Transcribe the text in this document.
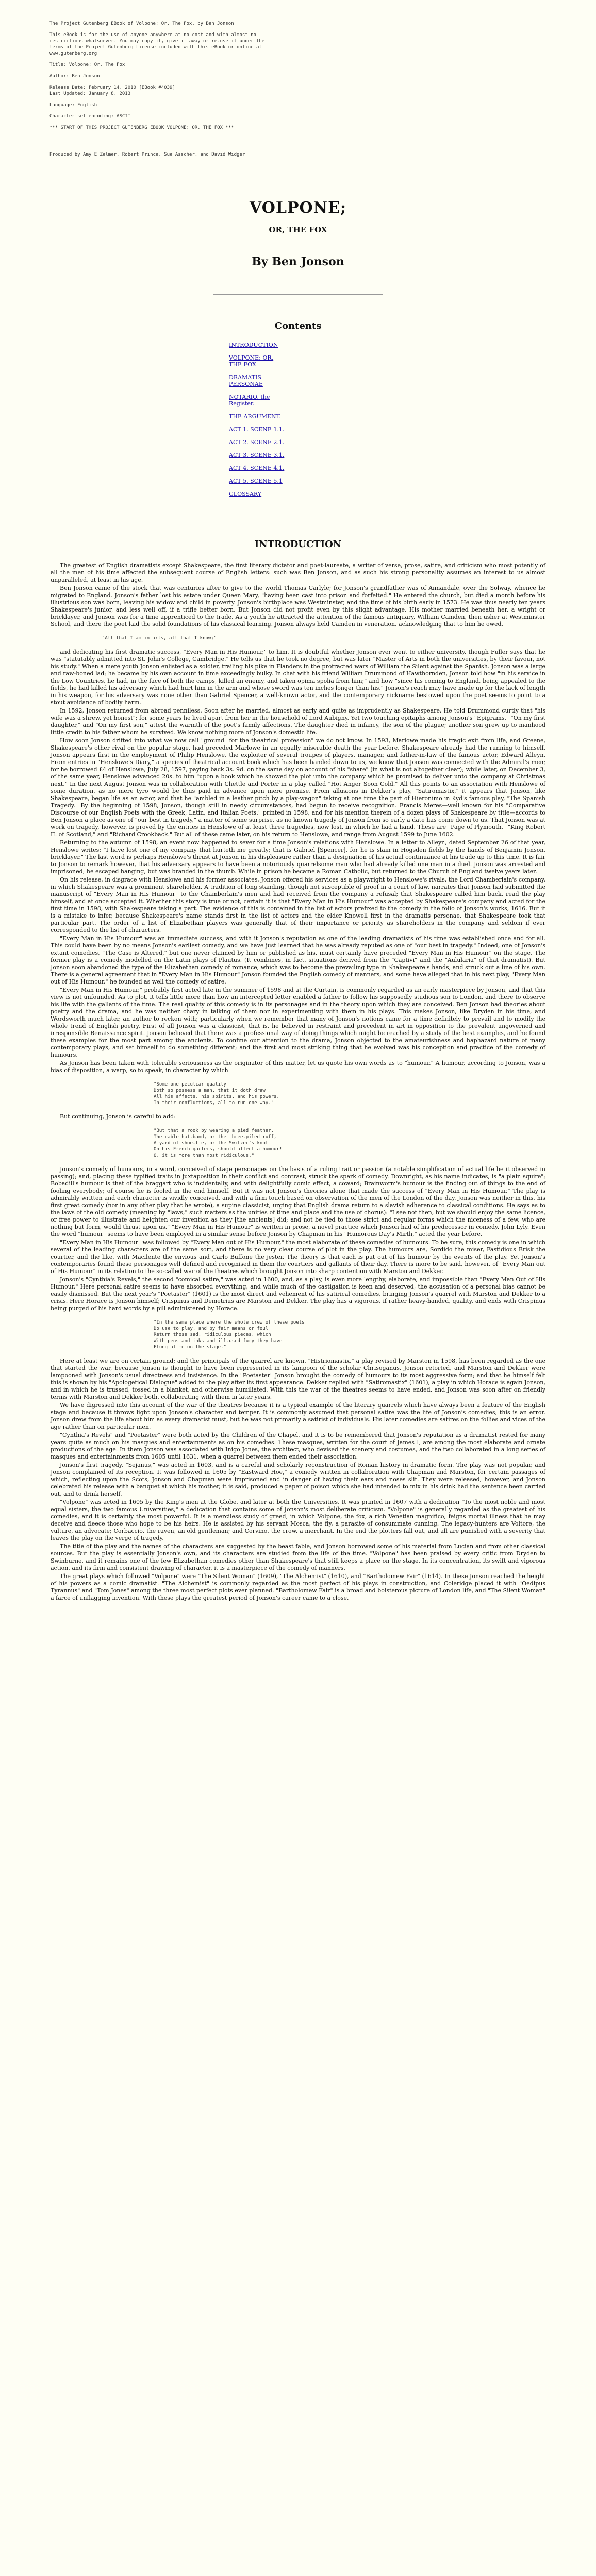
The Project Gutenberg EBook of Volpone; Or, The Fox, by Ben Jonson

This eBook is for the use of anyone anywhere at no cost and with almost no restrictions whatsoever. You may copy it, give it away or re-use it under the terms of the Project Gutenberg License included with this eBook or online at www.gutenberg.org

Title: Volpone; Or, The Fox

Author: Ben Jonson

Release Date: February 14, 2010 [EBook #4039]

Last Updated: January 8, 2013

Language: English

Character set encoding: ASCII

*** START OF THIS PROJECT GUTENBERG EBOOK VOLPONE; OR, THE FOX ***

Produced by Amy E Zelmer, Robert Prince, Sue Asscher, and David Widger

VOLPONE;
OR, THE FOX
By Ben Jonson
Contents
INTRODUCTION
VOLPONE; OR, THE FOX
DRAMATIS PERSONAE
NOTARIO, the Register.
THE ARGUMENT.
ACT 1. SCENE 1.1.
ACT 2. SCENE 2.1.
ACT 3. SCENE 3.1.
ACT 4. SCENE 4.1.
ACT 5. SCENE 5.1
GLOSSARY
INTRODUCTION

The greatest of English dramatists except Shakespeare, the first literary dictator and poet-laureate, a writer of verse, prose, satire, and criticism who most potently of all the men of his time affected the subsequent course of English letters: such was Ben Jonson, and as such his strong personality assumes an interest to us almost unparalleled, at least in his age.

Ben Jonson came of the stock that was centuries after to give to the world Thomas Carlyle; for Jonson's grandfather was of Annandale, over the Solway, whence he migrated to England. Jonson's father lost his estate under Queen Mary, "having been cast into prison and forfeited." He entered the church, but died a month before his illustrious son was born, leaving his widow and child in poverty. Jonson's birthplace was Westminster, and the time of his birth early in 1573. He was thus nearly ten years Shakespeare's junior, and less well off, if a trifle better born. But Jonson did not profit even by this slight advantage. His mother married beneath her, a wright or bricklayer, and Jonson was for a time apprenticed to the trade. As a youth he attracted the attention of the famous antiquary, William Camden, then usher at Westminster School, and there the poet laid the solid foundations of his classical learning. Jonson always held Camden in veneration, acknowledging that to him he owed,

"All that I am in arts, all that I know;"

and dedicating his first dramatic success, "Every Man in His Humour," to him. It is doubtful whether Jonson ever went to either university, though Fuller says that he was "statutably admitted into St. John's College, Cambridge." He tells us that he took no degree, but was later "Master of Arts in both the universities, by their favour, not his study." When a mere youth Jonson enlisted as a soldier, trailing his pike in Flanders in the protracted wars of William the Silent against the Spanish. Jonson was a large and raw-boned lad; he became by his own account in time exceedingly bulky. In chat with his friend William Drummond of Hawthornden, Jonson told how "in his service in the Low Countries, he had, in the face of both the camps, killed an enemy, and taken opima spolia from him;" and how "since his coming to England, being appealed to the fields, he had killed his adversary which had hurt him in the arm and whose sword was ten inches longer than his." Jonson's reach may have made up for the lack of length in his weapon, for his adversary was none other than Gabriel Spencer, a well-known actor, and the contemporary nickname bestowed upon the poet seems to point to a stout avoidance of bodily harm.

In 1592, Jonson returned from abroad penniless. Soon after he married, almost as early and quite as imprudently as Shakespeare. He told Drummond curtly that "his wife was a shrew, yet honest"; for some years he lived apart from her in the household of Lord Aubigny. Yet two touching epitaphs among Jonson's "Epigrams," "On my first daughter," and "On my first son," attest the warmth of the poet's family affections. The daughter died in infancy, the son of the plague; another son grew up to manhood little credit to his father whom he survived. We know nothing more of Jonson's domestic life.

How soon Jonson drifted into what we now call "ground" for the theatrical profession" we do not know. In 1593, Marlowe made his tragic exit from life, and Greene, Shakespeare's other rival on the popular stage, had preceded Marlowe in an equally miserable death the year before. Shakespeare already had the running to himself. Jonson appears first in the employment of Philip Henslowe, the exploiter of several troupes of players, manager, and father-in-law of the famous actor, Edward Alleyn. From entries in "Henslowe's Diary," a species of theatrical account book which has been handed down to us, we know that Jonson was connected with the Admiral's men; for he borrowed £4 of Henslowe, July 28, 1597, paying back 3s. 9d. on the same day on account of his "share" (in what is not altogether clear); while later, on December 3, of the same year, Henslowe advanced 20s. to him "upon a book which he showed the plot unto the company which he promised to deliver unto the company at Christmas next." In the next August Jonson was in collaboration with Chettle and Porter in a play called "Hot Anger Soon Cold." All this points to an association with Henslowe of some duration, as no mere tyro would be thus paid in advance upon mere promise. From allusions in Dekker's play, "Satiromastix," it appears that Jonson, like Shakespeare, began life as an actor, and that he "ambled in a leather pitch by a play-wagon" taking at one time the part of Hieronimo in Kyd's famous play, "The Spanish Tragedy." By the beginning of 1598, Jonson, though still in needy circumstances, had begun to receive recognition. Francis Meres—well known for his "Comparative Discourse of our English Poets with the Greek, Latin, and Italian Poets," printed in 1598, and for his mention therein of a dozen plays of Shakespeare by title—accords to Ben Jonson a place as one of "our best in tragedy," a matter of some surprise, as no known tragedy of Jonson from so early a date has come down to us. That Jonson was at work on tragedy, however, is proved by the entries in Henslowe of at least three tragedies, now lost, in which he had a hand. These are "Page of Plymouth," "King Robert II. of Scotland," and "Richard Crookback." But all of these came later, on his return to Henslowe, and range from August 1599 to June 1602.

Returning to the autumn of 1598, an event now happened to sever for a time Jonson's relations with Henslowe. In a letter to Alleyn, dated September 26 of that year, Henslowe writes: "I have lost one of my company that hurteth me greatly; that is Gabriel [Spencer], for he is slain in Hogsden fields by the hands of Benjamin Jonson, bricklayer." The last word is perhaps Henslowe's thrust at Jonson in his displeasure rather than a designation of his actual continuance at his trade up to this time. It is fair to Jonson to remark however, that his adversary appears to have been a notoriously quarrelsome man who had already killed one man in a duel. Jonson was arrested and imprisoned; he escaped hanging, but was branded in the thumb. While in prison he became a Roman Catholic, but returned to the Church of England twelve years later.

On his release, in disgrace with Henslowe and his former associates, Jonson offered his services as a playwright to Henslowe's rivals, the Lord Chamberlain's company, in which Shakespeare was a prominent shareholder. A tradition of long standing, though not susceptible of proof in a court of law, narrates that Jonson had submitted the manuscript of "Every Man in His Humour" to the Chamberlain's men and had received from the company a refusal; that Shakespeare called him back, read the play himself, and at once accepted it. Whether this story is true or not, certain it is that "Every Man in His Humour" was accepted by Shakespeare's company and acted for the first time in 1598, with Shakespeare taking a part. The evidence of this is contained in the list of actors prefixed to the comedy in the folio of Jonson's works, 1616. But it is a mistake to infer, because Shakespeare's name stands first in the list of actors and the elder Knowell first in the dramatis personae, that Shakespeare took that particular part. The order of a list of Elizabethan players was generally that of their importance or priority as shareholders in the company and seldom if ever corresponded to the list of characters.

"Every Man in His Humour" was an immediate success, and with it Jonson's reputation as one of the leading dramatists of his time was established once and for all. This could have been by no means Jonson's earliest comedy, and we have just learned that he was already reputed as one of "our best in tragedy." Indeed, one of Jonson's extant comedies, "The Case is Altered," but one never claimed by him or published as his, must certainly have preceded "Every Man in His Humour" on the stage. The former play is a comedy modelled on the Latin plays of Plautus. (It combines, in fact, situations derived from the "Captivi" and the "Aulularia" of that dramatist). But Jonson soon abandoned the type of the Elizabethan comedy of romance, which was to become the prevailing type in Shakespeare's hands, and struck out a line of his own. There is a general agreement that in "Every Man in His Humour" Jonson founded the English comedy of manners, and some have alleged that in his next play, "Every Man out of His Humour," he founded as well the comedy of satire.

"Every Man in His Humour," probably first acted late in the summer of 1598 and at the Curtain, is commonly regarded as an early masterpiece by Jonson, and that this view is not unfounded. As to plot, it tells little more than how an intercepted letter enabled a father to follow his supposedly studious son to London, and there to observe his life with the gallants of the time. The real quality of this comedy is in its personages and in the theory upon which they are conceived. Ben Jonson had theories about poetry and the drama, and he was neither chary in talking of them nor in experimenting with them in his plays. This makes Jonson, like Dryden in his time, and Wordsworth much later, an author to reckon with; particularly when we remember that many of Jonson's notions came for a time definitely to prevail and to modify the whole trend of English poetry. First of all Jonson was a classicist, that is, he believed in restraint and precedent in art in opposition to the prevalent ungoverned and irresponsible Renaissance spirit. Jonson believed that there was a professional way of doing things which might be reached by a study of the best examples, and he found these examples for the most part among the ancients. To confine our attention to the drama, Jonson objected to the amateurishness and haphazard nature of many contemporary plays, and set himself to do something different; and the first and most striking thing that he evolved was his conception and practice of the comedy of humours.

As Jonson has been taken with tolerable seriousness as the originator of this matter, let us quote his own words as to "humour." A humour, according to Jonson, was a bias of disposition, a warp, so to speak, in character by which

"Some one peculiar quality
Doth so possess a man, that it doth draw
All his affects, his spirits, and his powers,
In their confluctions, all to run one way."

But continuing, Jonson is careful to add:

"But that a rook by wearing a pied feather,
The cable hat-band, or the three-piled ruff,
A yard of shoe-tie, or the Switzer's knot
On his French garters, should affect a humour!
O, it is more than most ridiculous."

Jonson's comedy of humours, in a word, conceived of stage personages on the basis of a ruling trait or passion (a notable simplification of actual life be it observed in passing); and, placing these typified traits in juxtaposition in their conflict and contrast, struck the spark of comedy. Downright, as his name indicates, is "a plain squire"; Bobadill's humour is that of the braggart who is incidentally, and with delightfully comic effect, a coward; Brainworm's humour is the finding out of things to the end of fooling everybody; of course he is fooled in the end himself. But it was not Jonson's theories alone that made the success of "Every Man in His Humour." The play is admirably written and each character is vividly conceived, and with a firm touch based on observation of the men of the London of the day. Jonson was neither in this, his first great comedy (nor in any other play that he wrote), a supine classicist, urging that English drama return to a slavish adherence to classical conditions. He says as to the laws of the old comedy (meaning by "laws," such matters as the unities of time and place and the use of chorus): "I see not then, but we should enjoy the same licence, or free power to illustrate and heighten our invention as they [the ancients] did; and not be tied to those strict and regular forms which the niceness of a few, who are nothing but form, would thrust upon us." "Every Man in His Humour" is written in prose, a novel practice which Jonson had of his predecessor in comedy, John Lyly. Even the word "humour" seems to have been employed in a similar sense before Jonson by Chapman in his "Humorous Day's Mirth," acted the year before.

"Every Man in His Humour" was followed by "Every Man out of His Humour," the most elaborate of these comedies of humours. To be sure, this comedy is one in which several of the leading characters are of the same sort, and there is no very clear course of plot in the play. The humours are, Sordido the miser, Fastidious Brisk the courtier, and the like, with Macilente the envious and Carlo Buffone the jester. The theory is that each is put out of his humour by the events of the play. Yet Jonson's contemporaries found these personages well defined and recognised in them the courtiers and gallants of their day. There is more to be said, however, of "Every Man out of His Humour" in its relation to the so-called war of the theatres which brought Jonson into sharp contention with Marston and Dekker.

Jonson's "Cynthia's Revels," the second "comical satire," was acted in 1600, and, as a play, is even more lengthy, elaborate, and impossible than "Every Man Out of His Humour." Here personal satire seems to have absorbed everything, and while much of the castigation is keen and deserved, the accusation of a personal bias cannot be easily dismissed. But the next year's "Poetaster" (1601) is the most direct and vehement of his satirical comedies, bringing Jonson's quarrel with Marston and Dekker to a crisis. Here Horace is Jonson himself; Crispinus and Demetrius are Marston and Dekker. The play has a vigorous, if rather heavy-handed, quality, and ends with Crispinus being purged of his hard words by a pill administered by Horace.

"In the same place where the whole crew of these poets
Do use to play, and by fair means or foul
Return those sad, ridiculous pieces, which
With pens and inks and ill-used fury they have
Flung at me on the stage."

Here at least we are on certain ground; and the principals of the quarrel are known. "Histriomastix," a play revised by Marston in 1598, has been regarded as the one that started the war, because Jonson is thought to have been represented in its lampoon of the scholar Chrisoganus. Jonson retorted, and Marston and Dekker were lampooned with Jonson's usual directness and insistence. In the "Poetaster" Jonson brought the comedy of humours to its most aggressive form; and that he himself felt this is shown by his "Apologetical Dialogue" added to the play after its first appearance. Dekker replied with "Satiromastix" (1601), a play in which Horace is again Jonson, and in which he is trussed, tossed in a blanket, and otherwise humiliated. With this the war of the theatres seems to have ended, and Jonson was soon after on friendly terms with Marston and Dekker both, collaborating with them in later years.

We have digressed into this account of the war of the theatres because it is a typical example of the literary quarrels which have always been a feature of the English stage and because it throws light upon Jonson's character and temper. It is commonly assumed that personal satire was the life of Jonson's comedies; this is an error. Jonson drew from the life about him as every dramatist must, but he was not primarily a satirist of individuals. His later comedies are satires on the follies and vices of the age rather than on particular men.

"Cynthia's Revels" and "Poetaster" were both acted by the Children of the Chapel, and it is to be remembered that Jonson's reputation as a dramatist rested for many years quite as much on his masques and entertainments as on his comedies. These masques, written for the court of James I, are among the most elaborate and ornate productions of the age. In them Jonson was associated with Inigo Jones, the architect, who devised the scenery and costumes, and the two collaborated in a long series of masques and entertainments from 1605 until 1631, when a quarrel between them ended their association.

Jonson's first tragedy, "Sejanus," was acted in 1603, and is a careful and scholarly reconstruction of Roman history in dramatic form. The play was not popular, and Jonson complained of its reception. It was followed in 1605 by "Eastward Hoe," a comedy written in collaboration with Chapman and Marston, for certain passages of which, reflecting upon the Scots, Jonson and Chapman were imprisoned and in danger of having their ears and noses slit. They were released, however, and Jonson celebrated his release with a banquet at which his mother, it is said, produced a paper of poison which she had intended to mix in his drink had the sentence been carried out, and to drink herself.

"Volpone" was acted in 1605 by the King's men at the Globe, and later at both the Universities. It was printed in 1607 with a dedication "To the most noble and most equal sisters, the two famous Universities," a dedication that contains some of Jonson's most deliberate criticism. "Volpone" is generally regarded as the greatest of his comedies, and it is certainly the most powerful. It is a merciless study of greed, in which Volpone, the fox, a rich Venetian magnifico, feigns mortal illness that he may deceive and fleece those who hope to be his heirs. He is assisted by his servant Mosca, the fly, a parasite of consummate cunning. The legacy-hunters are Voltore, the vulture, an advocate; Corbaccio, the raven, an old gentleman; and Corvino, the crow, a merchant. In the end the plotters fall out, and all are punished with a severity that leaves the play on the verge of tragedy.

The title of the play and the names of the characters are suggested by the beast fable, and Jonson borrowed some of his material from Lucian and from other classical sources. But the play is essentially Jonson's own, and its characters are studied from the life of the time. "Volpone" has been praised by every critic from Dryden to Swinburne, and it remains one of the few Elizabethan comedies other than Shakespeare's that still keeps a place on the stage. In its concentration, its swift and vigorous action, and its firm and consistent drawing of character, it is a masterpiece of the comedy of manners.

The great plays which followed "Volpone" were "The Silent Woman" (1609), "The Alchemist" (1610), and "Bartholomew Fair" (1614). In these Jonson reached the height of his powers as a comic dramatist. "The Alchemist" is commonly regarded as the most perfect of his plays in construction, and Coleridge placed it with "Oedipus Tyrannus" and "Tom Jones" among the three most perfect plots ever planned. "Bartholomew Fair" is a broad and boisterous picture of London life, and "The Silent Woman" a farce of unflagging invention. With these plays the greatest period of Jonson's career came to a close.
